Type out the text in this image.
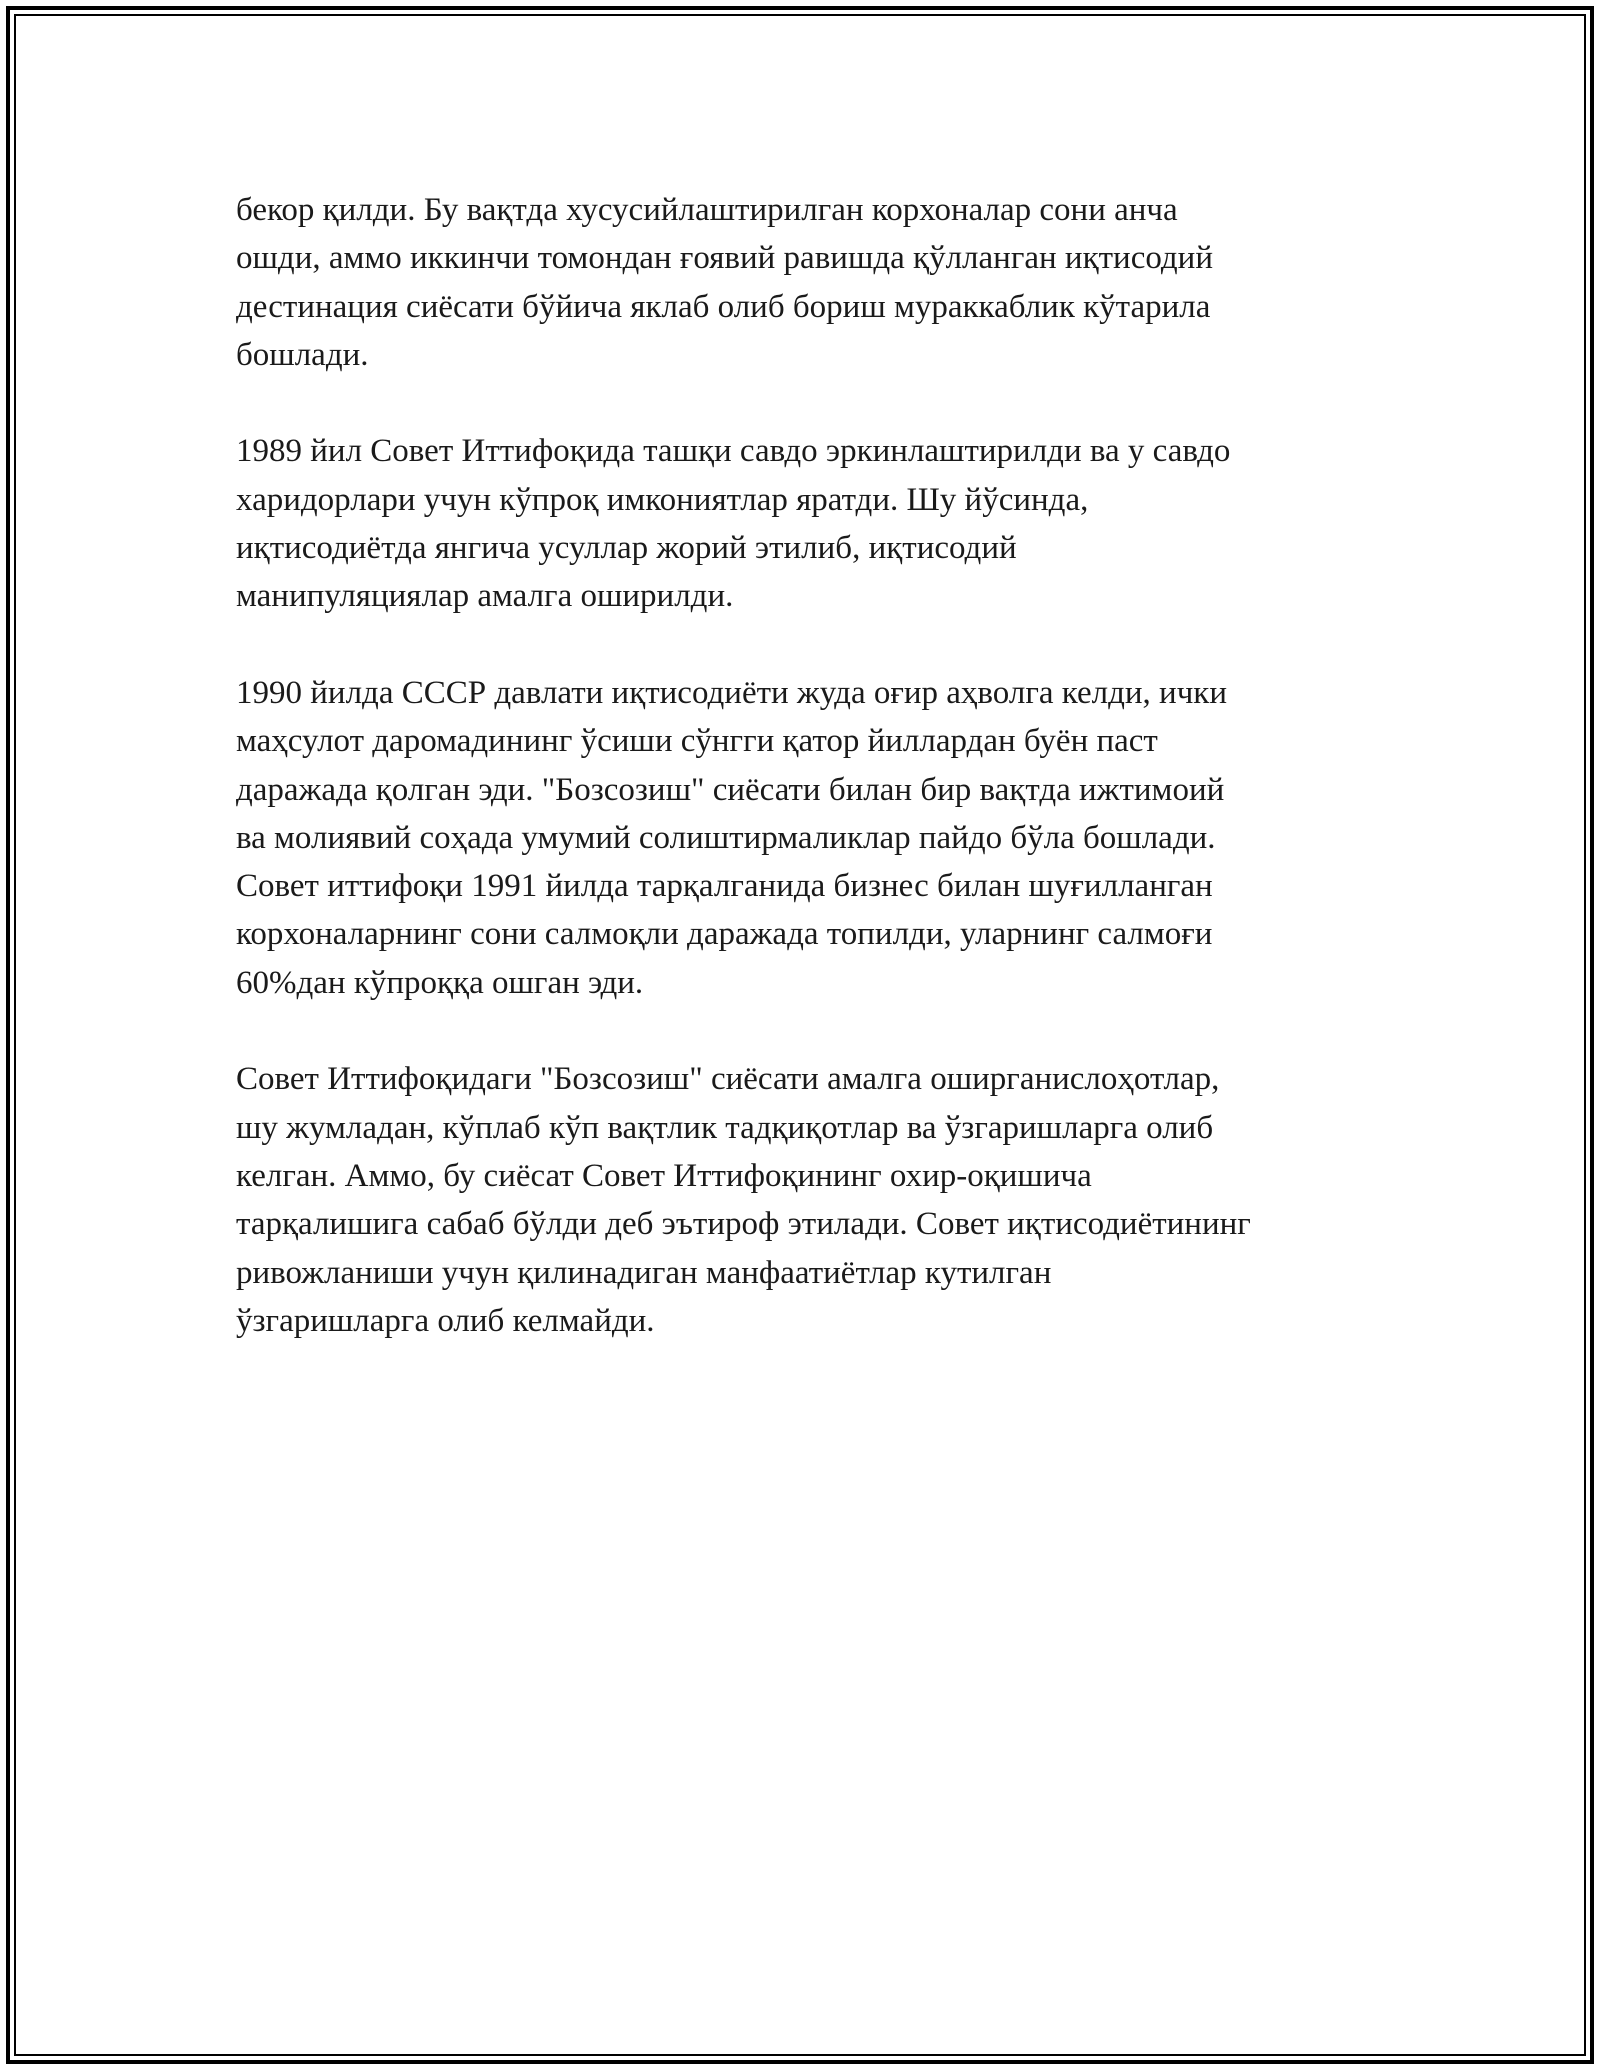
бекор қилди. Бу вақтда хусусийлаштирилган корхоналар сони анча
ошди, аммо иккинчи томондан ғоявий равишда қўлланган иқтисодий
дестинация сиёсати бўйича яклаб олиб бориш мураккаблик кўтарила
бошлади.

1989 йил Совет Иттифоқида ташқи савдо эркинлаштирилди ва у савдо
харидорлари учун кўпроқ имкониятлар яратди. Шу йўсинда,
иқтисодиётда янгича усуллар жорий этилиб, иқтисодий
манипуляциялар амалга оширилди.

1990 йилда СССР давлати иқтисодиёти жуда оғир аҳволга келди, ички
маҳсулот даромадининг ўсиши сўнгги қатор йиллардан буён паст
даражада қолган эди. "Бозсозиш" сиёсати билан бир вақтда ижтимоий
ва молиявий соҳада умумий солиштирмаликлар пайдо бўла бошлади.
Совет иттифоқи 1991 йилда тарқалганида бизнес билан шуғилланган
корхоналарнинг сони салмоқли даражада топилди, уларнинг салмоғи
60%дан кўпроққа ошган эди.

Совет Иттифоқидаги "Бозсозиш" сиёсати амалга оширганислоҳотлар,
шу жумладан, кўплаб кўп вақтлик тадқиқотлар ва ўзгаришларга олиб
келган. Аммо, бу сиёсат Совет Иттифоқининг охир-оқишича
тарқалишига сабаб бўлди деб эътироф этилади. Совет иқтисодиётининг
ривожланиши учун қилинадиган манфаатиётлар кутилган
ўзгаришларга олиб келмайди.
